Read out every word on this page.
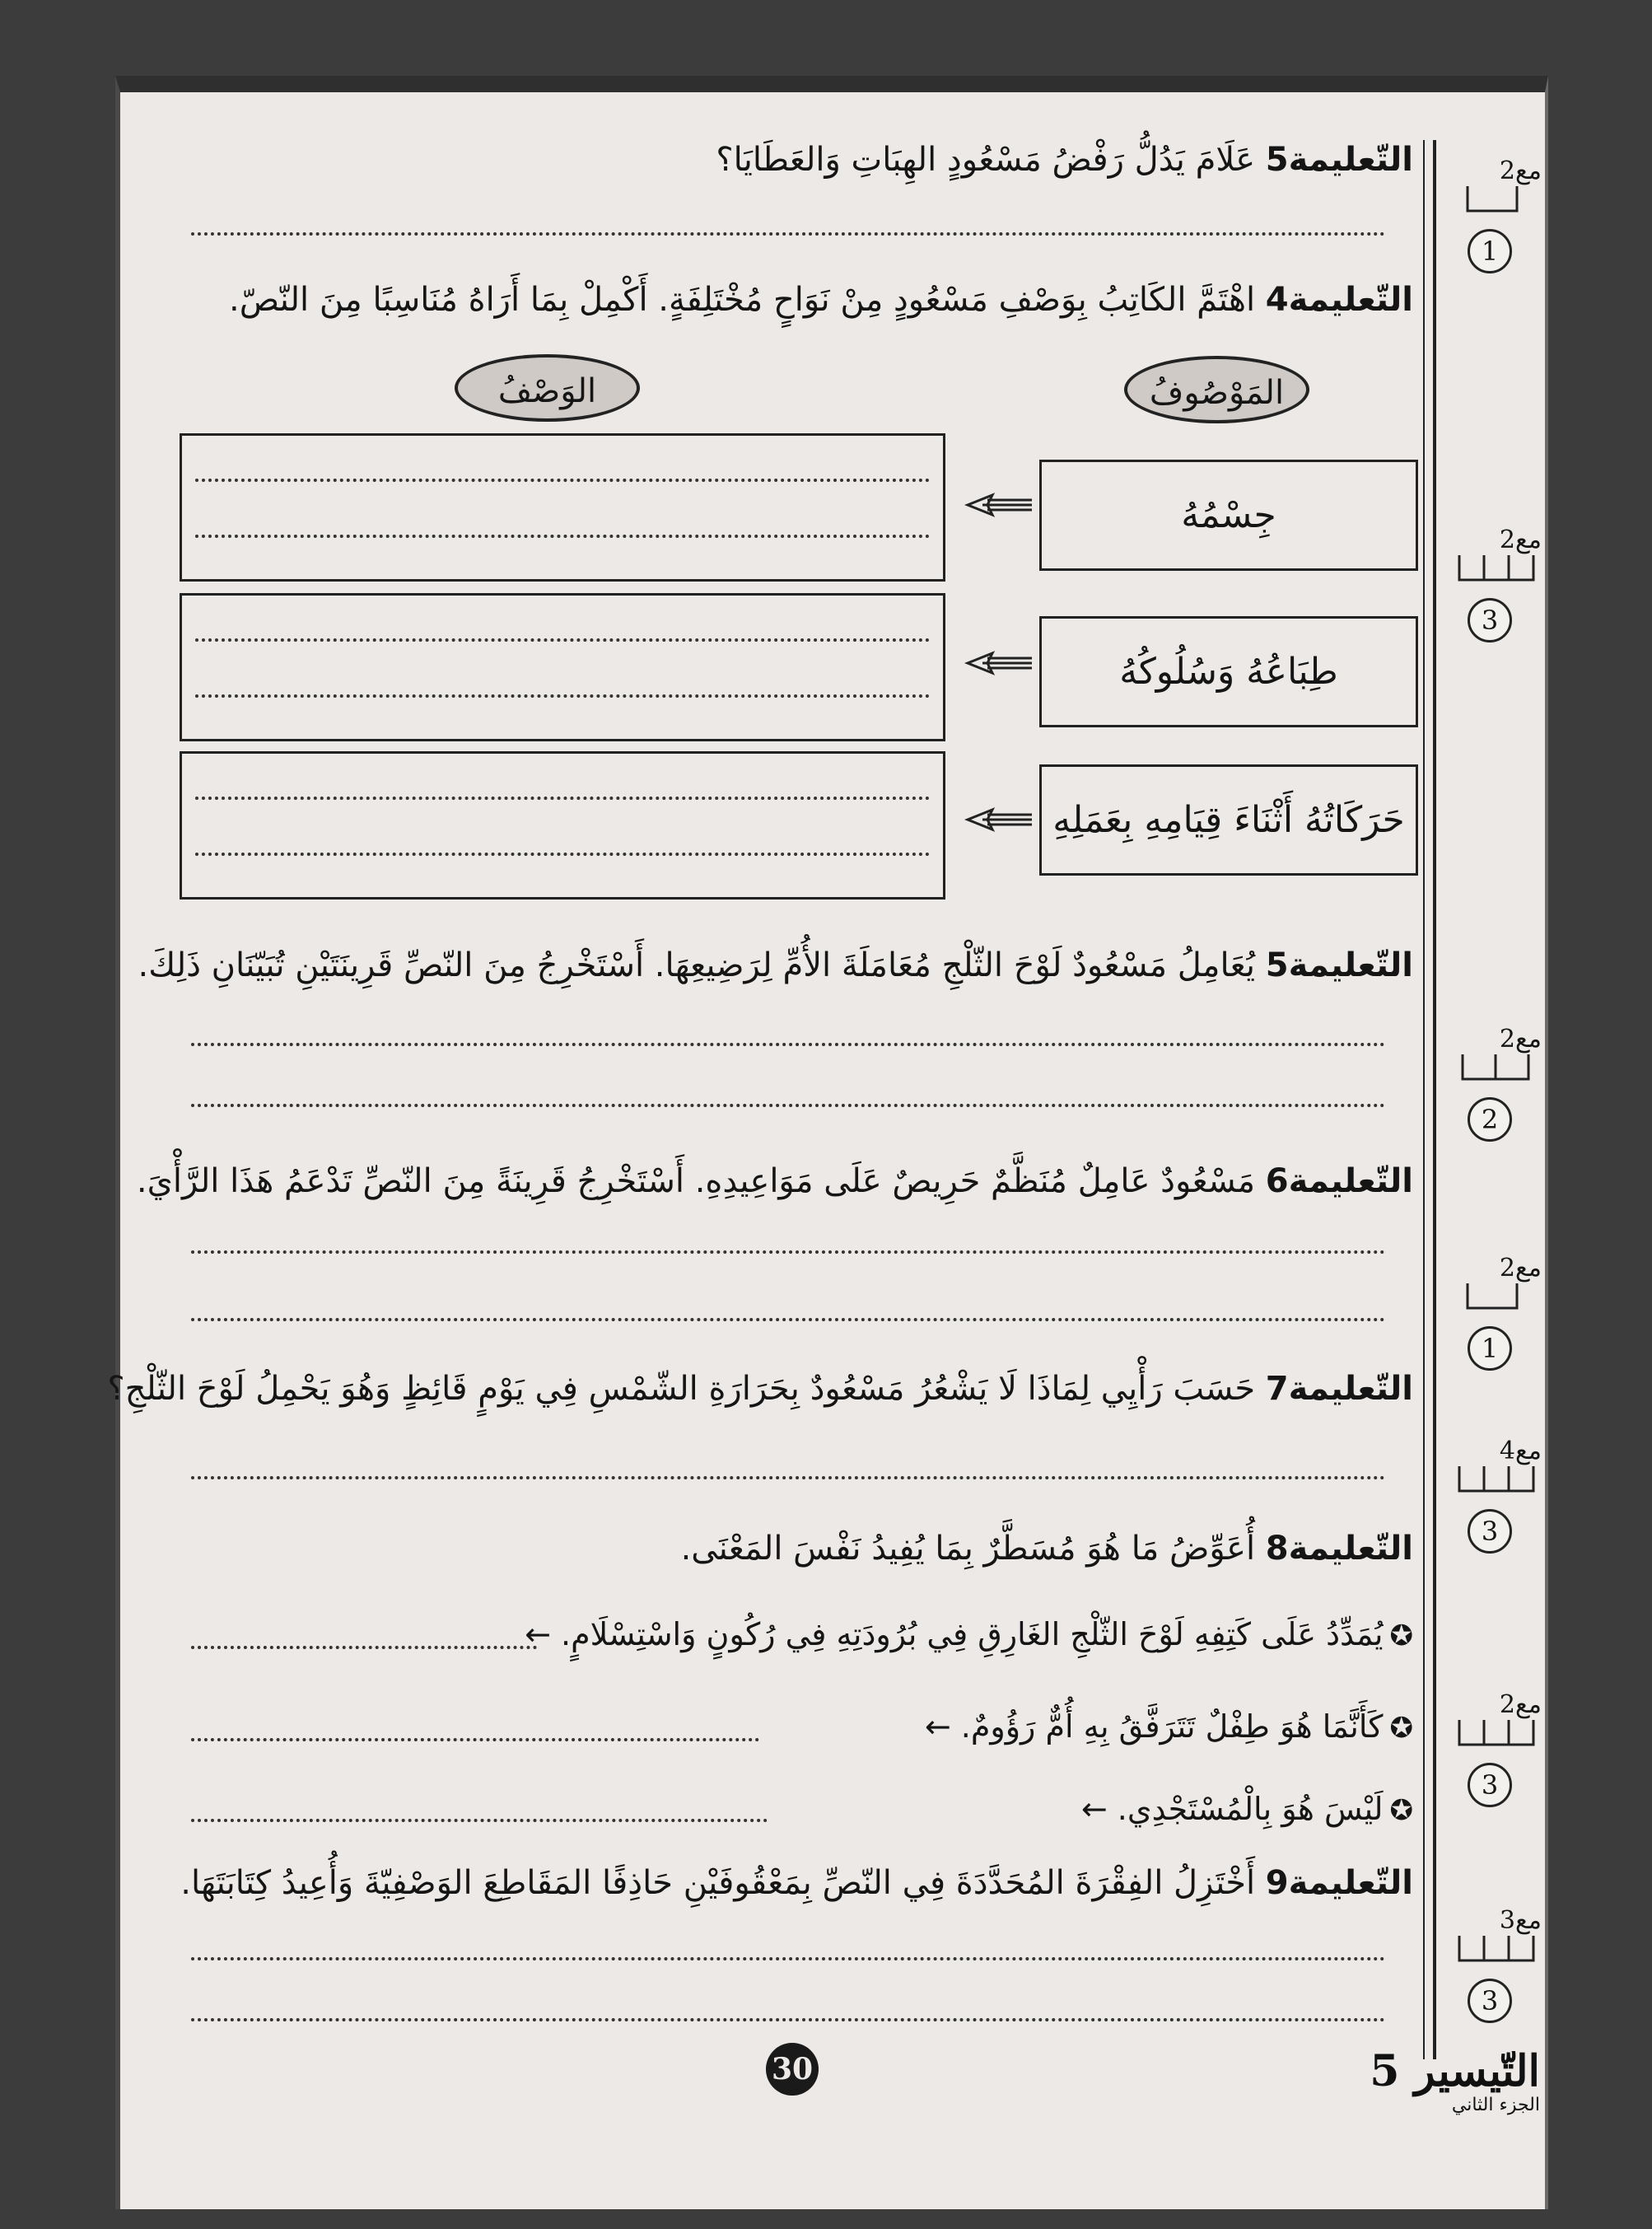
التّعليمة5 عَلَامَ يَدُلُّ رَفْضُ مَسْعُودٍ الهِبَاتِ وَالعَطَايَا؟
التّعليمة4 اهْتَمَّ الكَاتِبُ بِوَصْفِ مَسْعُودٍ مِنْ نَوَاحٍ مُخْتَلِفَةٍ. أَكْمِلْ بِمَا أَرَاهُ مُنَاسِبًا مِنَ النّصّ.
المَوْصُوفُ
الوَصْفُ
جِسْمُهُ
طِبَاعُهُ وَسُلُوكُهُ
حَرَكَاتُهُ أَثْنَاءَ قِيَامِهِ بِعَمَلِهِ
التّعليمة5 يُعَامِلُ مَسْعُودٌ لَوْحَ الثّلْجِ مُعَامَلَةَ الأُمِّ لِرَضِيعِهَا. أَسْتَخْرِجُ مِنَ النّصِّ قَرِينَتَيْنِ تُبَيّنَانِ ذَلِكَ.
التّعليمة6 مَسْعُودٌ عَامِلٌ مُنَظَّمٌ حَرِيصٌ عَلَى مَوَاعِيدِهِ. أَسْتَخْرِجُ قَرِينَةً مِنَ النّصِّ تَدْعَمُ هَذَا الرَّأْيَ.
التّعليمة7 حَسَبَ رَأْيِي لِمَاذَا لَا يَشْعُرُ مَسْعُودٌ بِحَرَارَةِ الشّمْسِ فِي يَوْمٍ قَائِظٍ وَهُوَ يَحْمِلُ لَوْحَ الثّلْجِ؟
التّعليمة8 أُعَوِّضُ مَا هُوَ مُسَطَّرٌ بِمَا يُفِيدُ نَفْسَ المَعْنَى.
✪يُمَدِّدُ عَلَى كَتِفِهِ لَوْحَ الثّلْجِ الغَارِقِ فِي بُرُودَتِهِ فِي رُكُونٍ وَاسْتِسْلَامٍ. ←
✪كَأَنَّمَا هُوَ طِفْلٌ تَتَرَفَّقُ بِهِ أُمٌّ رَؤُومٌ. ←
✪لَيْسَ هُوَ بِالْمُسْتَجْدِي. ←
التّعليمة9 أَخْتَزِلُ الفِقْرَةَ المُحَدَّدَةَ فِي النّصِّ بِمَعْقُوفَيْنِ حَاذِفًا المَقَاطِعَ الوَصْفِيّةَ وَأُعِيدُ كِتَابَتَهَا.
مع2
1
مع2
3
مع2
2
مع2
1
مع4
3
مع2
3
مع3
3
30	التّيسير 5
الجزء الثاني
